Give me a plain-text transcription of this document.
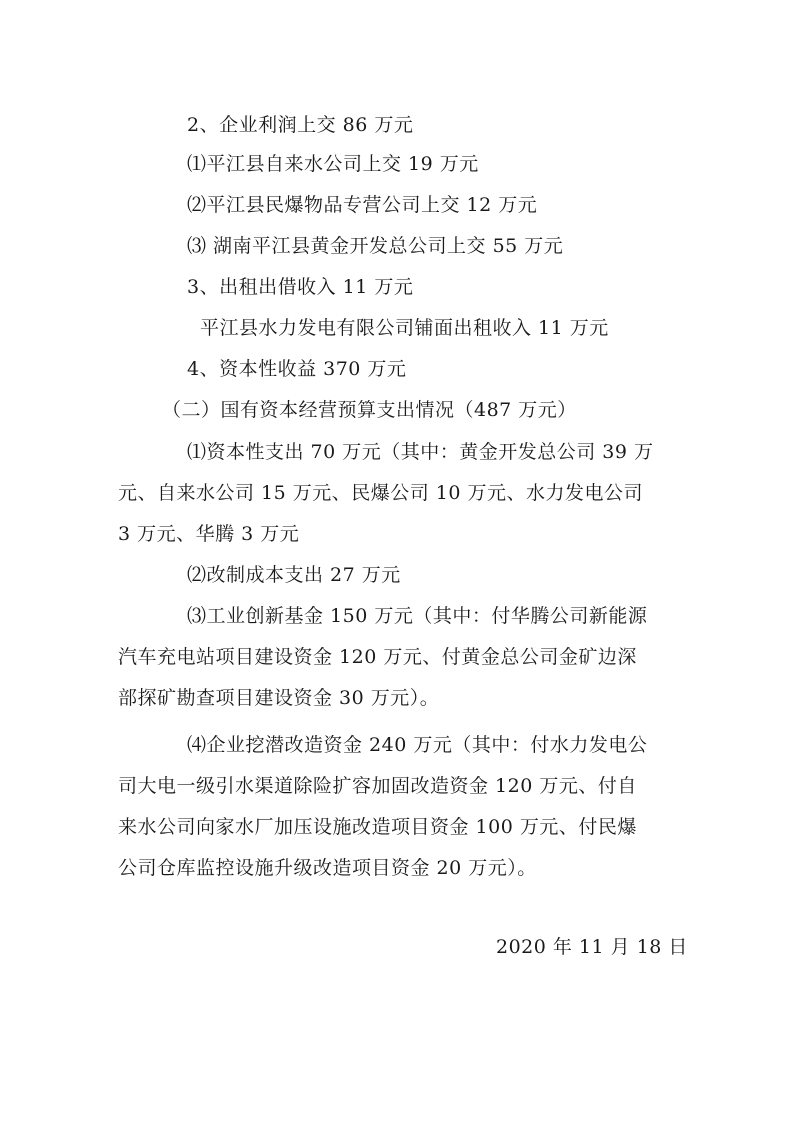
2、企业利润上交 86 万元
⑴平江县自来水公司上交 19 万元
⑵平江县民爆物品专营公司上交 12 万元
⑶ 湖南平江县黄金开发总公司上交 55 万元
3、出租出借收入 11 万元
平江县水力发电有限公司铺面出租收入 11 万元
4、资本性收益 370 万元
（二）国有资本经营预算支出情况（487 万元）
⑴资本性支出 70 万元（其中：黄金开发总公司 39 万
元、自来水公司 15 万元、民爆公司 10 万元、水力发电公司
3 万元、华腾 3 万元
⑵改制成本支出 27 万元
⑶工业创新基金 150 万元（其中：付华腾公司新能源
汽车充电站项目建设资金 120 万元、付黄金总公司金矿边深
部探矿勘查项目建设资金 30 万元）。
⑷企业挖潜改造资金 240 万元（其中：付水力发电公
司大电一级引水渠道除险扩容加固改造资金 120 万元、付自
来水公司向家水厂加压设施改造项目资金 100 万元、付民爆
公司仓库监控设施升级改造项目资金 20 万元）。
2020 年 11 月 18 日
